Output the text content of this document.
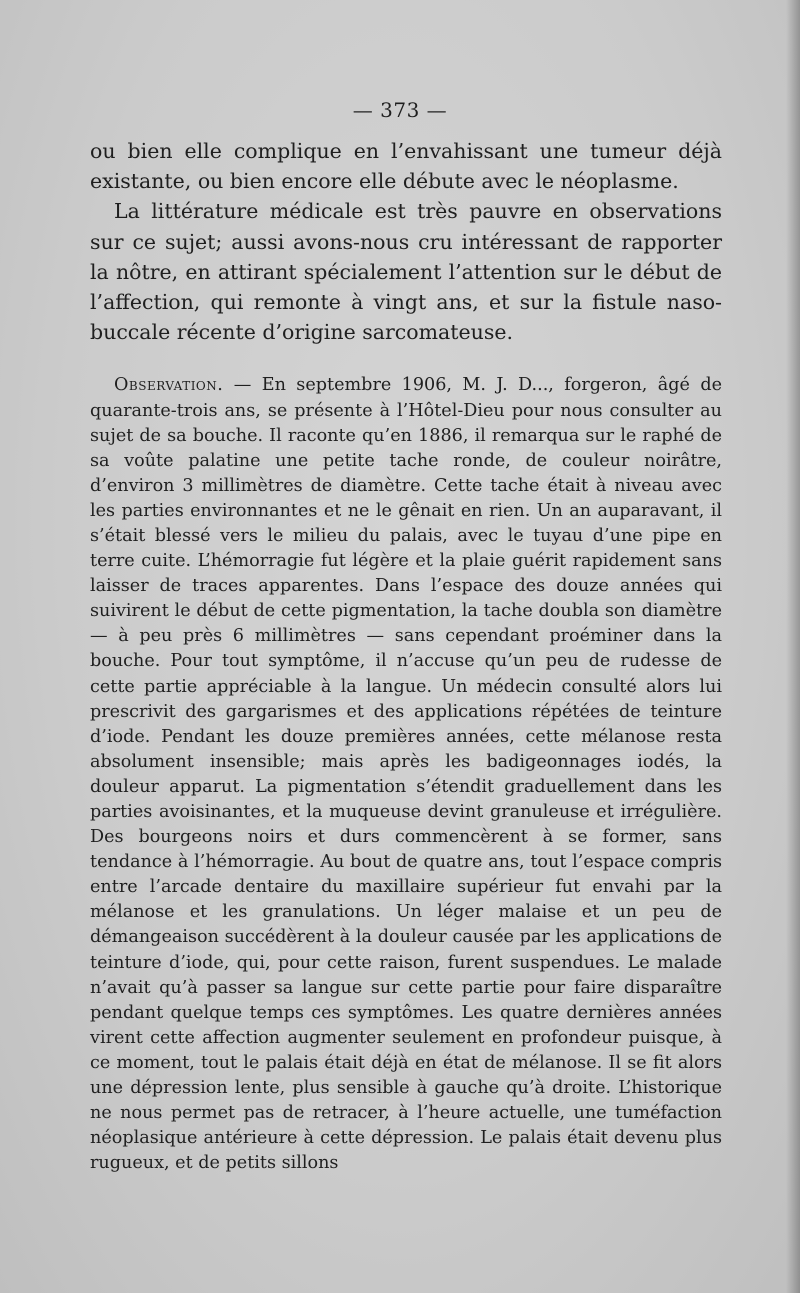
— 373 —

ou bien elle complique en l’envahissant une tumeur déjà existante, ou bien encore elle débute avec le néoplasme.

La littérature médicale est très pauvre en observations sur ce sujet; aussi avons-nous cru intéressant de rapporter la nôtre, en attirant spécialement l’attention sur le début de l’affection, qui remonte à vingt ans, et sur la fistule naso-buccale récente d’origine sarcomateuse.

Observation. — En septembre 1906, M. J. D..., forgeron, âgé de quarante-trois ans, se présente à l’Hôtel-Dieu pour nous consulter au sujet de sa bouche. Il raconte qu’en 1886, il remarqua sur le raphé de sa voûte palatine une petite tache ronde, de couleur noirâtre, d’environ 3 millimètres de diamètre. Cette tache était à niveau avec les parties environnantes et ne le gênait en rien. Un an auparavant, il s’était blessé vers le milieu du palais, avec le tuyau d’une pipe en terre cuite. L’hémorragie fut légère et la plaie guérit rapidement sans laisser de traces apparentes. Dans l’espace des douze années qui suivirent le début de cette pigmentation, la tache doubla son diamètre — à peu près 6 millimètres — sans cependant proéminer dans la bouche. Pour tout symptôme, il n’accuse qu’un peu de rudesse de cette partie appréciable à la langue. Un médecin consulté alors lui prescrivit des gargarismes et des applications répétées de teinture d’iode. Pendant les douze premières années, cette mélanose resta absolument insensible; mais après les badigeonnages iodés, la douleur apparut. La pigmentation s’étendit graduellement dans les parties avoisinantes, et la muqueuse devint granuleuse et irrégulière. Des bourgeons noirs et durs commencèrent à se former, sans tendance à l’hémorragie. Au bout de quatre ans, tout l’espace compris entre l’arcade dentaire du maxillaire supérieur fut envahi par la mélanose et les granulations. Un léger malaise et un peu de démangeaison succédèrent à la douleur causée par les applications de teinture d’iode, qui, pour cette raison, furent suspendues. Le malade n’avait qu’à passer sa langue sur cette partie pour faire disparaître pendant quelque temps ces symptômes. Les quatre dernières années virent cette affection augmenter seulement en profondeur puisque, à ce moment, tout le palais était déjà en état de mélanose. Il se fit alors une dépression lente, plus sensible à gauche qu’à droite. L’historique ne nous permet pas de retracer, à l’heure actuelle, une tuméfaction néoplasique antérieure à cette dépression. Le palais était devenu plus rugueux, et de petits sillons
